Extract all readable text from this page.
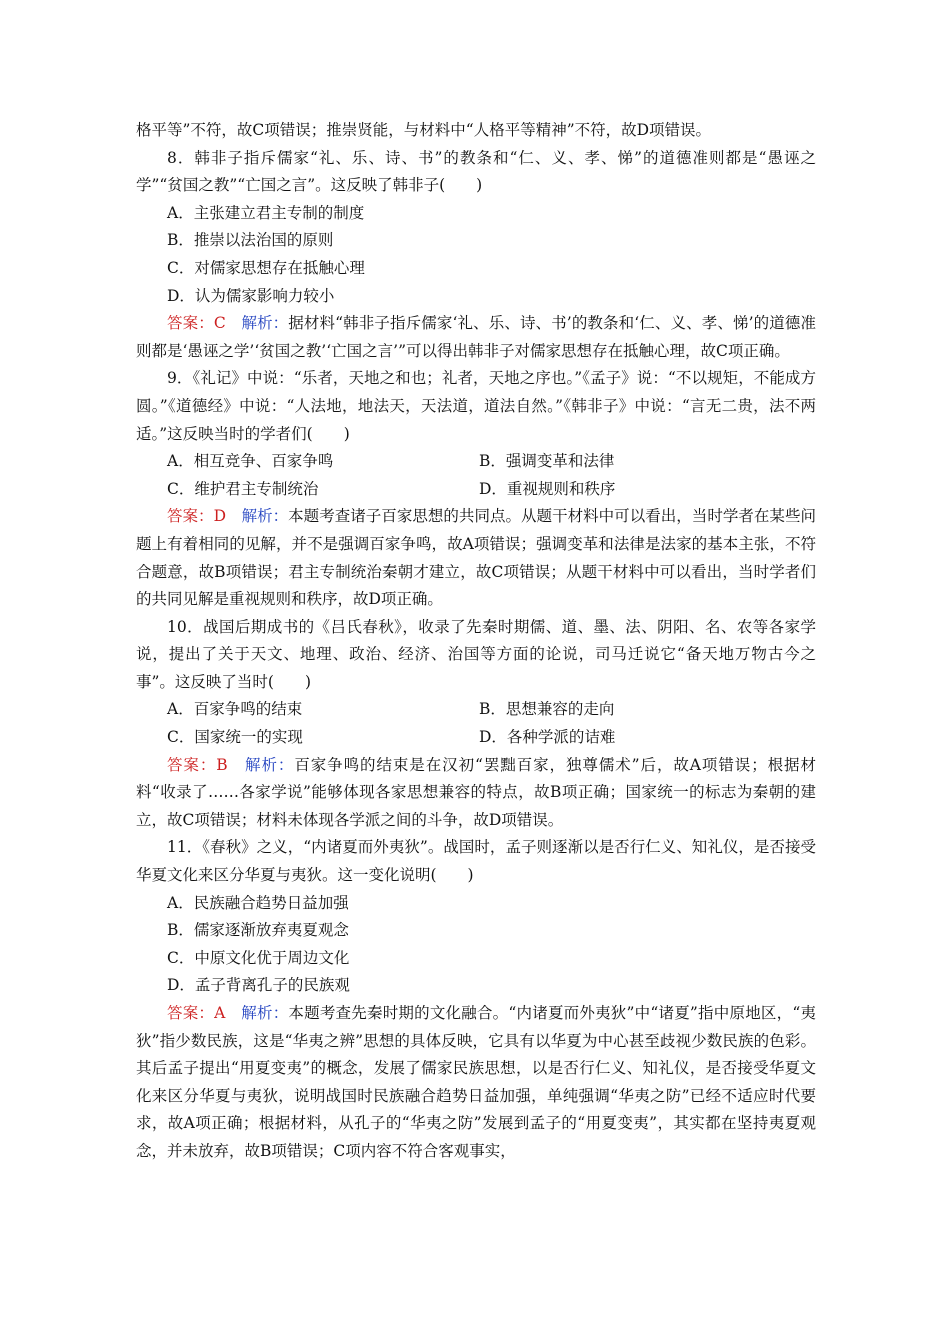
格平等”不符，故C项错误；推崇贤能，与材料中“人格平等精神”不符，故D项错误。

8．韩非子指斥儒家“礼、乐、诗、书”的教条和“仁、义、孝、悌”的道德准则都是“愚诬之学”“贫国之教”“亡国之言”。这反映了韩非子(　　)

A．主张建立君主专制的制度

B．推崇以法治国的原则

C．对儒家思想存在抵触心理

D．认为儒家影响力较小

答案：C　 解析：据材料“韩非子指斥儒家‘礼、乐、诗、书’的教条和‘仁、义、孝、悌’的道德准则都是‘愚诬之学’‘贫国之教’‘亡国之言’”可以得出韩非子对儒家思想存在抵触心理，故C项正确。

9．《礼记》中说：“乐者，天地之和也；礼者，天地之序也。”《孟子》说：“不以规矩，不能成方圆。”《道德经》中说：“人法地，地法天，天法道，道法自然。”《韩非子》中说：“言无二贵，法不两适。”这反映当时的学者们(　　)

A．相互竞争、百家争鸣	B．强调变革和法律
C．维护君主专制统治	D．重视规则和秩序

答案：D　 解析：本题考查诸子百家思想的共同点。从题干材料中可以看出，当时学者在某些问题上有着相同的见解，并不是强调百家争鸣，故A项错误；强调变革和法律是法家的基本主张，不符合题意，故B项错误；君主专制统治秦朝才建立，故C项错误；从题干材料中可以看出，当时学者们的共同见解是重视规则和秩序，故D项正确。

10．战国后期成书的《吕氏春秋》，收录了先秦时期儒、道、墨、法、阴阳、名、农等各家学说，提出了关于天文、地理、政治、经济、治国等方面的论说，司马迁说它“备天地万物古今之事”。这反映了当时(　　)

A．百家争鸣的结束	B．思想兼容的走向
C．国家统一的实现	D．各种学派的诘难

答案：B　 解析：百家争鸣的结束是在汉初“罢黜百家，独尊儒术”后，故A项错误；根据材料“收录了……各家学说”能够体现各家思想兼容的特点，故B项正确；国家统一的标志为秦朝的建立，故C项错误；材料未体现各学派之间的斗争，故D项错误。

11．《春秋》之义，“内诸夏而外夷狄”。战国时，孟子则逐渐以是否行仁义、知礼仪，是否接受华夏文化来区分华夏与夷狄。这一变化说明(　　)

A．民族融合趋势日益加强

B．儒家逐渐放弃夷夏观念

C．中原文化优于周边文化

D．孟子背离孔子的民族观

答案：A　 解析：本题考查先秦时期的文化融合。“内诸夏而外夷狄”中“诸夏”指中原地区，“夷狄”指少数民族，这是“华夷之辨”思想的具体反映，它具有以华夏为中心甚至歧视少数民族的色彩。其后孟子提出“用夏变夷”的概念，发展了儒家民族思想，以是否行仁义、知礼仪，是否接受华夏文化来区分华夏与夷狄，说明战国时民族融合趋势日益加强，单纯强调“华夷之防”已经不适应时代要求，故A项正确；根据材料，从孔子的“华夷之防”发展到孟子的“用夏变夷”，其实都在坚持夷夏观念，并未放弃，故B项错误；C项内容不符合客观事实，
